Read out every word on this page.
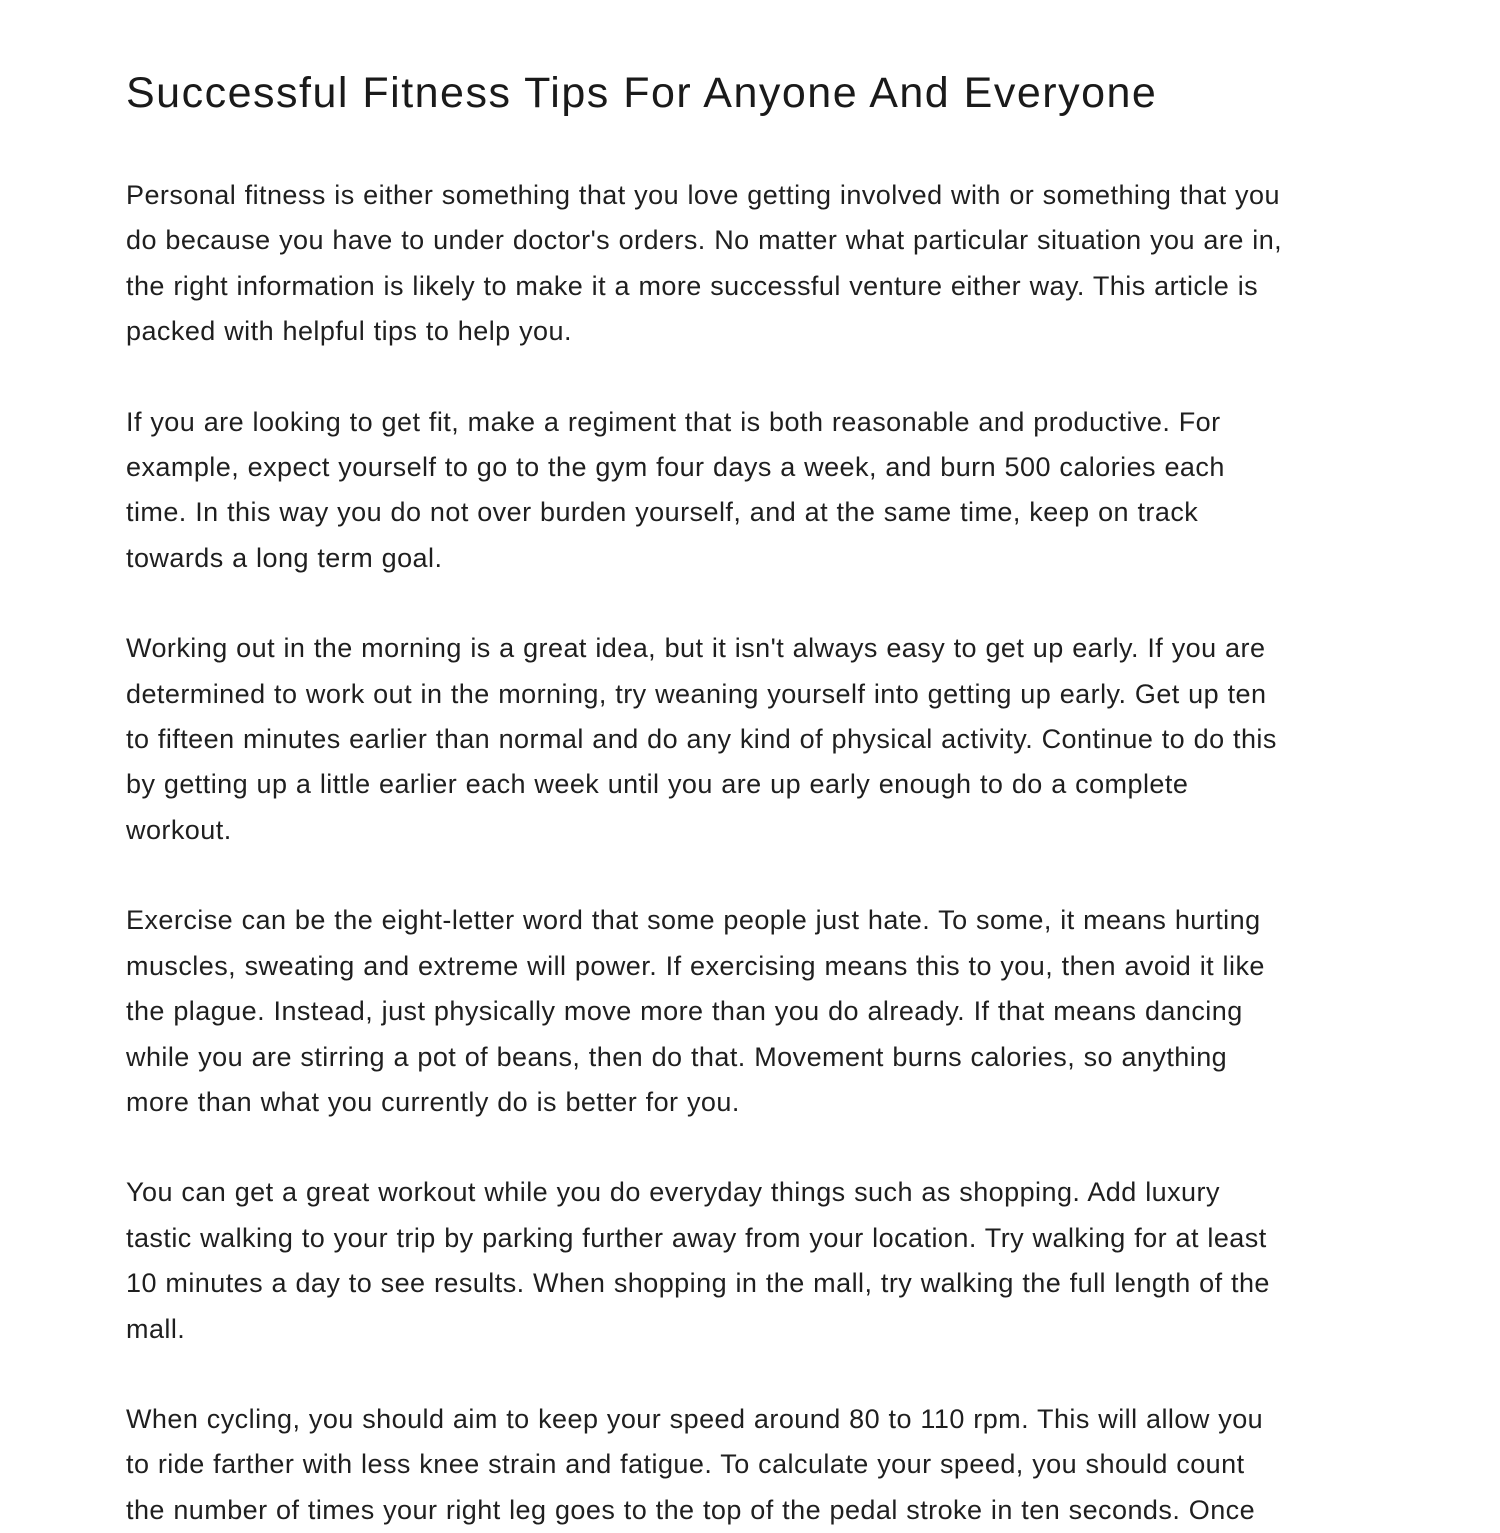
Successful Fitness Tips For Anyone And Everyone

Personal fitness is either something that you love getting involved with or something that you
do because you have to under doctor's orders. No matter what particular situation you are in,
the right information is likely to make it a more successful venture either way. This article is
packed with helpful tips to help you.

If you are looking to get fit, make a regiment that is both reasonable and productive. For
example, expect yourself to go to the gym four days a week, and burn 500 calories each
time. In this way you do not over burden yourself, and at the same time, keep on track
towards a long term goal.

Working out in the morning is a great idea, but it isn't always easy to get up early. If you are
determined to work out in the morning, try weaning yourself into getting up early. Get up ten
to fifteen minutes earlier than normal and do any kind of physical activity. Continue to do this
by getting up a little earlier each week until you are up early enough to do a complete
workout.

Exercise can be the eight-letter word that some people just hate. To some, it means hurting
muscles, sweating and extreme will power. If exercising means this to you, then avoid it like
the plague. Instead, just physically move more than you do already. If that means dancing
while you are stirring a pot of beans, then do that. Movement burns calories, so anything
more than what you currently do is better for you.

You can get a great workout while you do everyday things such as shopping. Add luxury
tastic walking to your trip by parking further away from your location. Try walking for at least
10 minutes a day to see results. When shopping in the mall, try walking the full length of the
mall.

When cycling, you should aim to keep your speed around 80 to 110 rpm. This will allow you
to ride farther with less knee strain and fatigue. To calculate your speed, you should count
the number of times your right leg goes to the top of the pedal stroke in ten seconds. Once
